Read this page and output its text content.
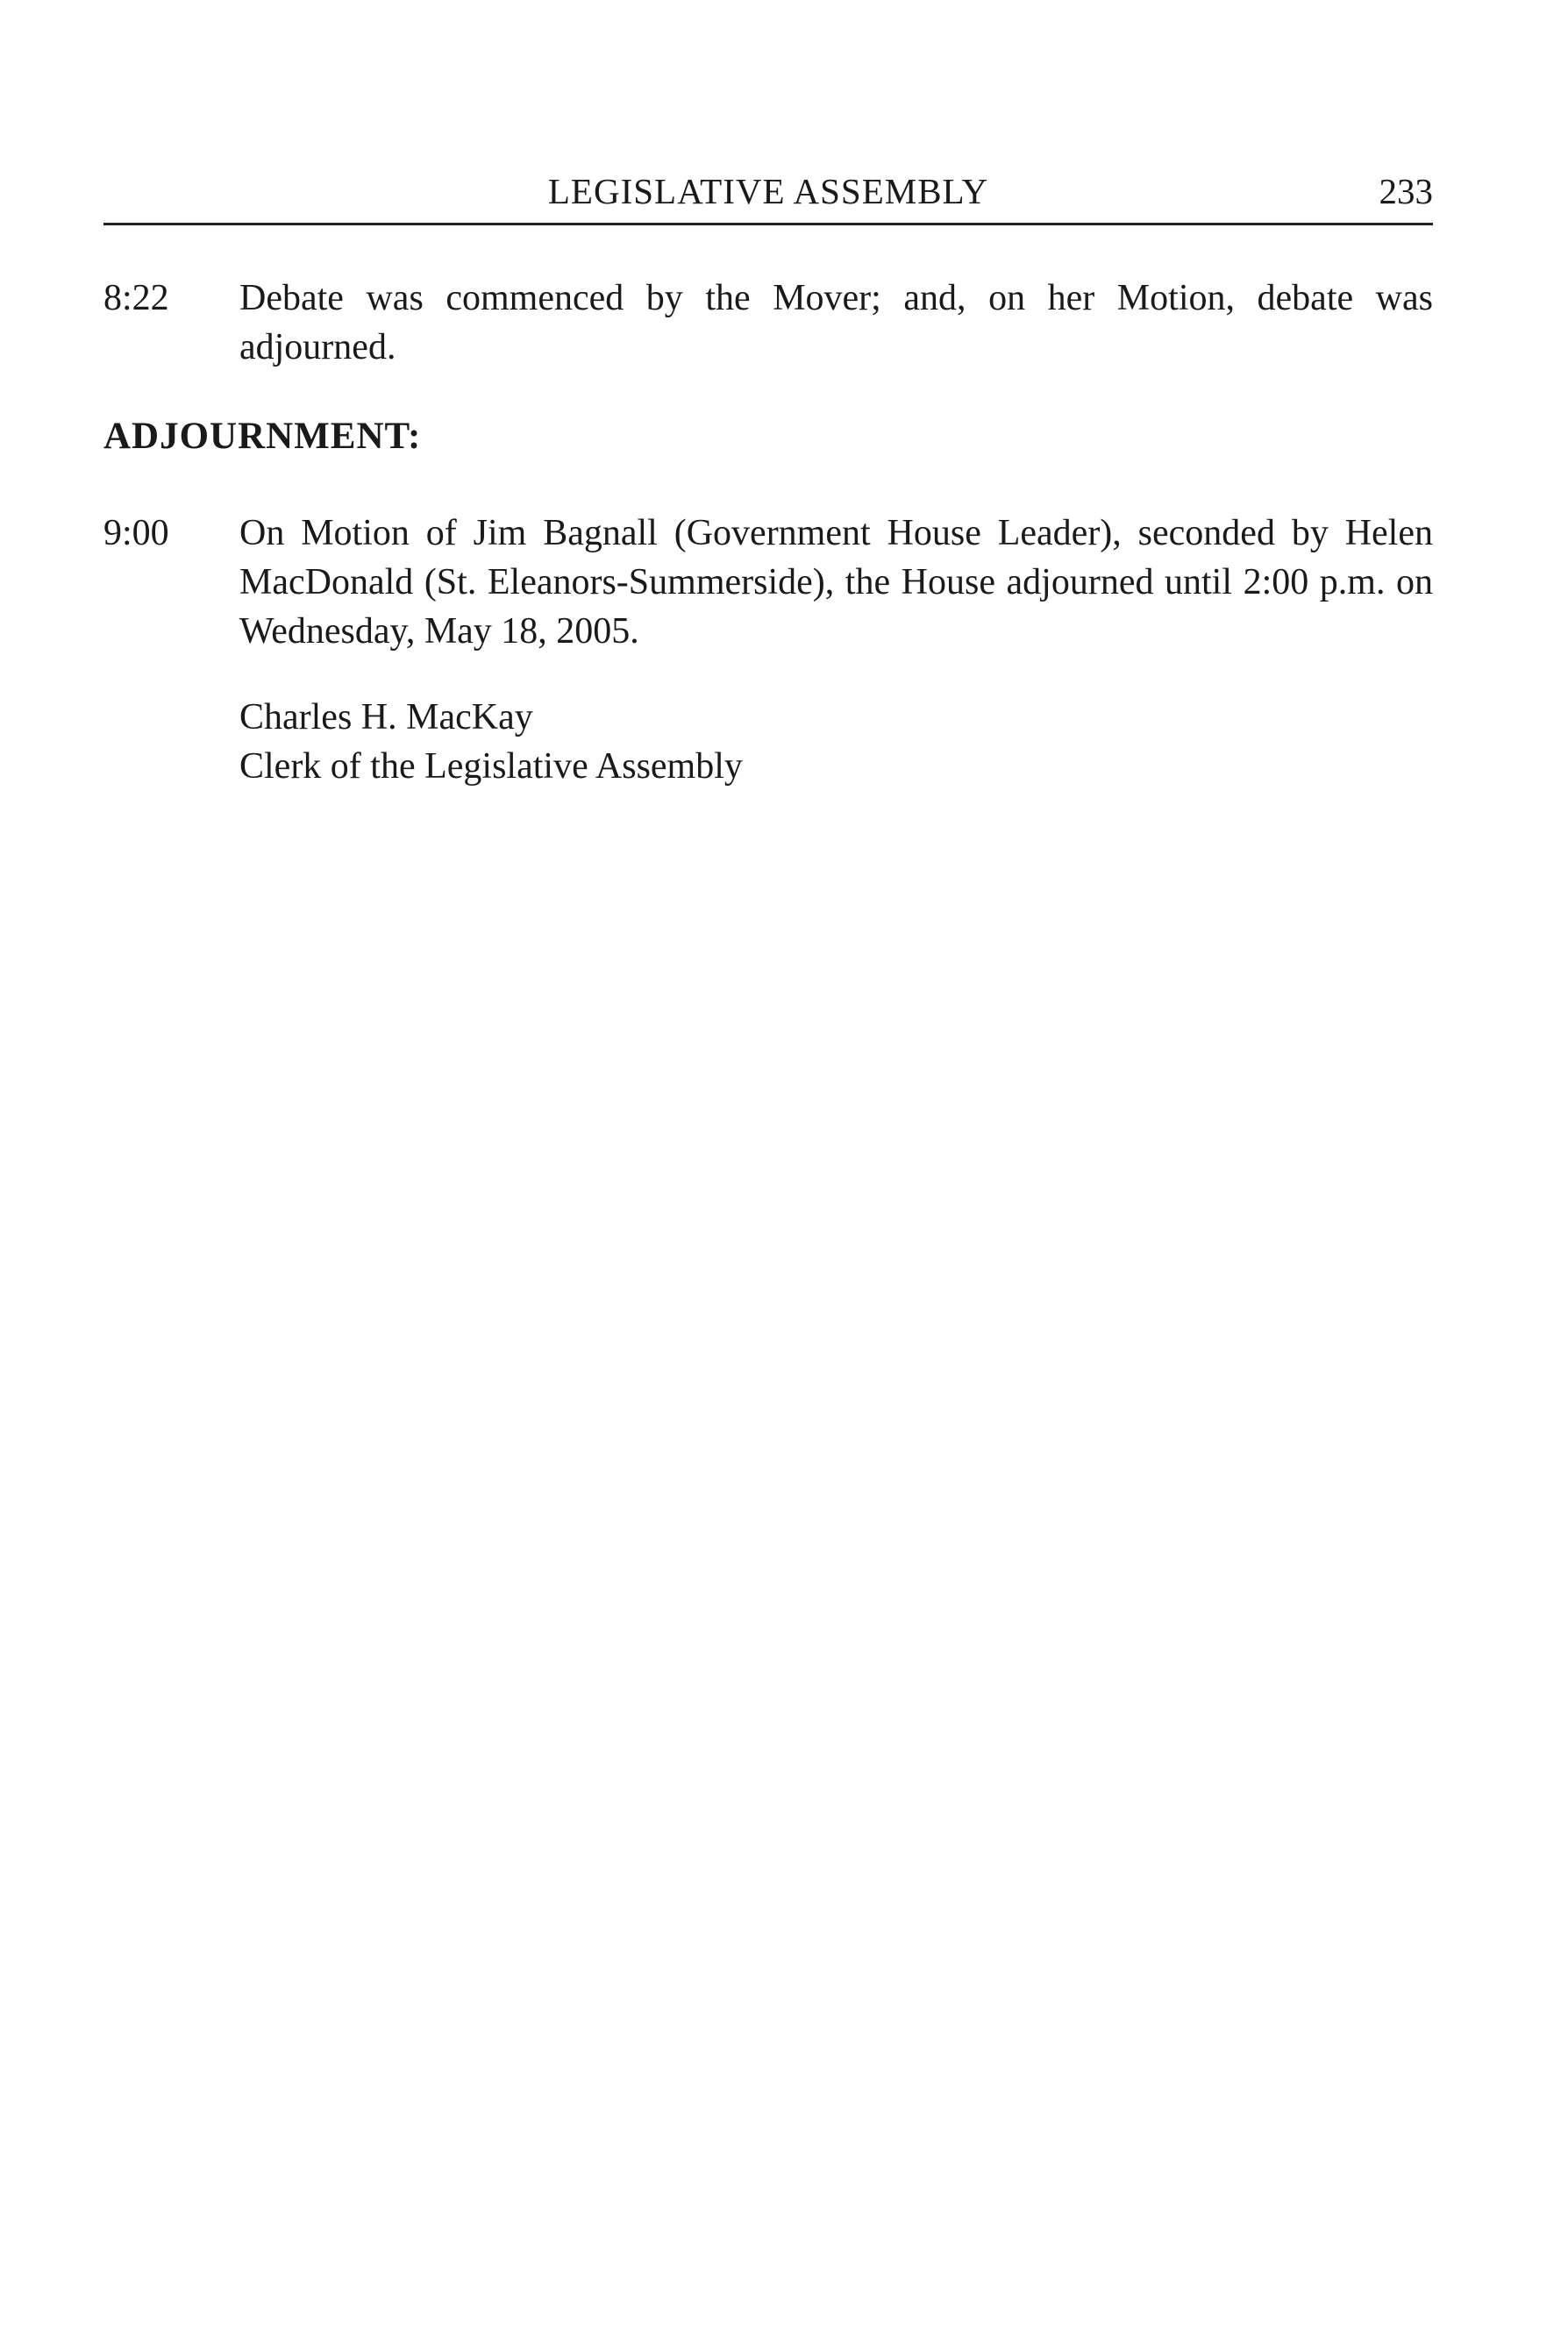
LEGISLATIVE ASSEMBLY	233
8:22 Debate was commenced by the Mover; and, on her Motion, debate was adjourned.
ADJOURNMENT:
9:00 On Motion of Jim Bagnall (Government House Leader), seconded by Helen MacDonald (St. Eleanors-Summerside), the House adjourned until 2:00 p.m. on Wednesday, May 18, 2005.
Charles H. MacKay
Clerk of the Legislative Assembly
